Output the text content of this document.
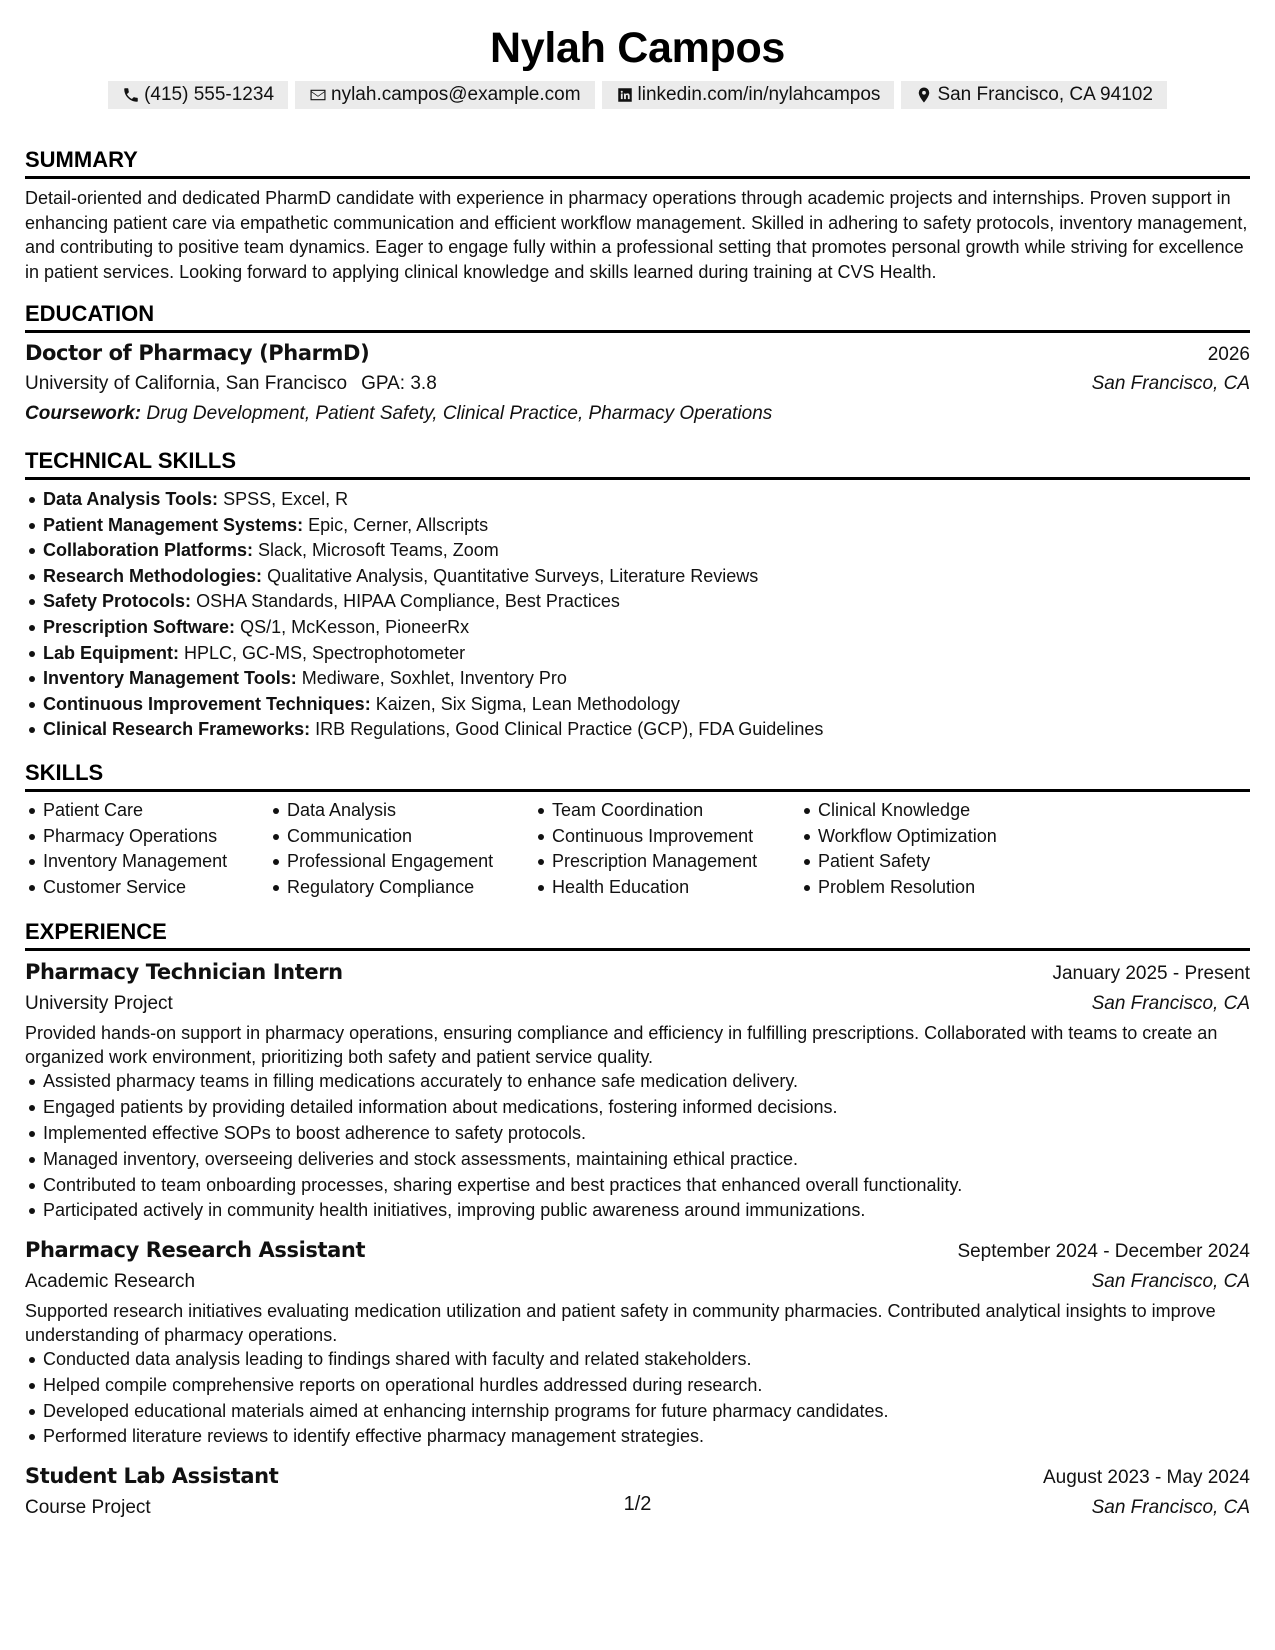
Nylah Campos
(415) 555-1234	nylah.campos@example.com	linkedin.com/in/nylahcampos	San Francisco, CA 94102
SUMMARY
Detail-oriented and dedicated PharmD candidate with experience in pharmacy operations through academic projects and internships. Proven support in enhancing patient care via empathetic communication and efficient workflow management. Skilled in adhering to safety protocols, inventory management, and contributing to positive team dynamics. Eager to engage fully within a professional setting that promotes personal growth while striving for excellence in patient services. Looking forward to applying clinical knowledge and skills learned during training at CVS Health.
EDUCATION
Doctor of Pharmacy (PharmD)	2026
University of California, San Francisco GPA: 3.8	San Francisco, CA
Coursework: Drug Development, Patient Safety, Clinical Practice, Pharmacy Operations
TECHNICAL SKILLS
Data Analysis Tools: SPSS, Excel, R
Patient Management Systems: Epic, Cerner, Allscripts
Collaboration Platforms: Slack, Microsoft Teams, Zoom
Research Methodologies: Qualitative Analysis, Quantitative Surveys, Literature Reviews
Safety Protocols: OSHA Standards, HIPAA Compliance, Best Practices
Prescription Software: QS/1, McKesson, PioneerRx
Lab Equipment: HPLC, GC-MS, Spectrophotometer
Inventory Management Tools: Mediware, Soxhlet, Inventory Pro
Continuous Improvement Techniques: Kaizen, Six Sigma, Lean Methodology
Clinical Research Frameworks: IRB Regulations, Good Clinical Practice (GCP), FDA Guidelines
SKILLS
Patient Care
Pharmacy Operations
Inventory Management
Customer Service
Data Analysis
Communication
Professional Engagement
Regulatory Compliance
Team Coordination
Continuous Improvement
Prescription Management
Health Education
Clinical Knowledge
Workflow Optimization
Patient Safety
Problem Resolution
EXPERIENCE
Pharmacy Technician Intern	January 2025 - Present
University Project	San Francisco, CA
Provided hands-on support in pharmacy operations, ensuring compliance and efficiency in fulfilling prescriptions. Collaborated with teams to create an organized work environment, prioritizing both safety and patient service quality.
Assisted pharmacy teams in filling medications accurately to enhance safe medication delivery.
Engaged patients by providing detailed information about medications, fostering informed decisions.
Implemented effective SOPs to boost adherence to safety protocols.
Managed inventory, overseeing deliveries and stock assessments, maintaining ethical practice.
Contributed to team onboarding processes, sharing expertise and best practices that enhanced overall functionality.
Participated actively in community health initiatives, improving public awareness around immunizations.
Pharmacy Research Assistant	September 2024 - December 2024
Academic Research	San Francisco, CA
Supported research initiatives evaluating medication utilization and patient safety in community pharmacies. Contributed analytical insights to improve understanding of pharmacy operations.
Conducted data analysis leading to findings shared with faculty and related stakeholders.
Helped compile comprehensive reports on operational hurdles addressed during research.
Developed educational materials aimed at enhancing internship programs for future pharmacy candidates.
Performed literature reviews to identify effective pharmacy management strategies.
Student Lab Assistant	August 2023 - May 2024
Course Project	San Francisco, CA
1/2
